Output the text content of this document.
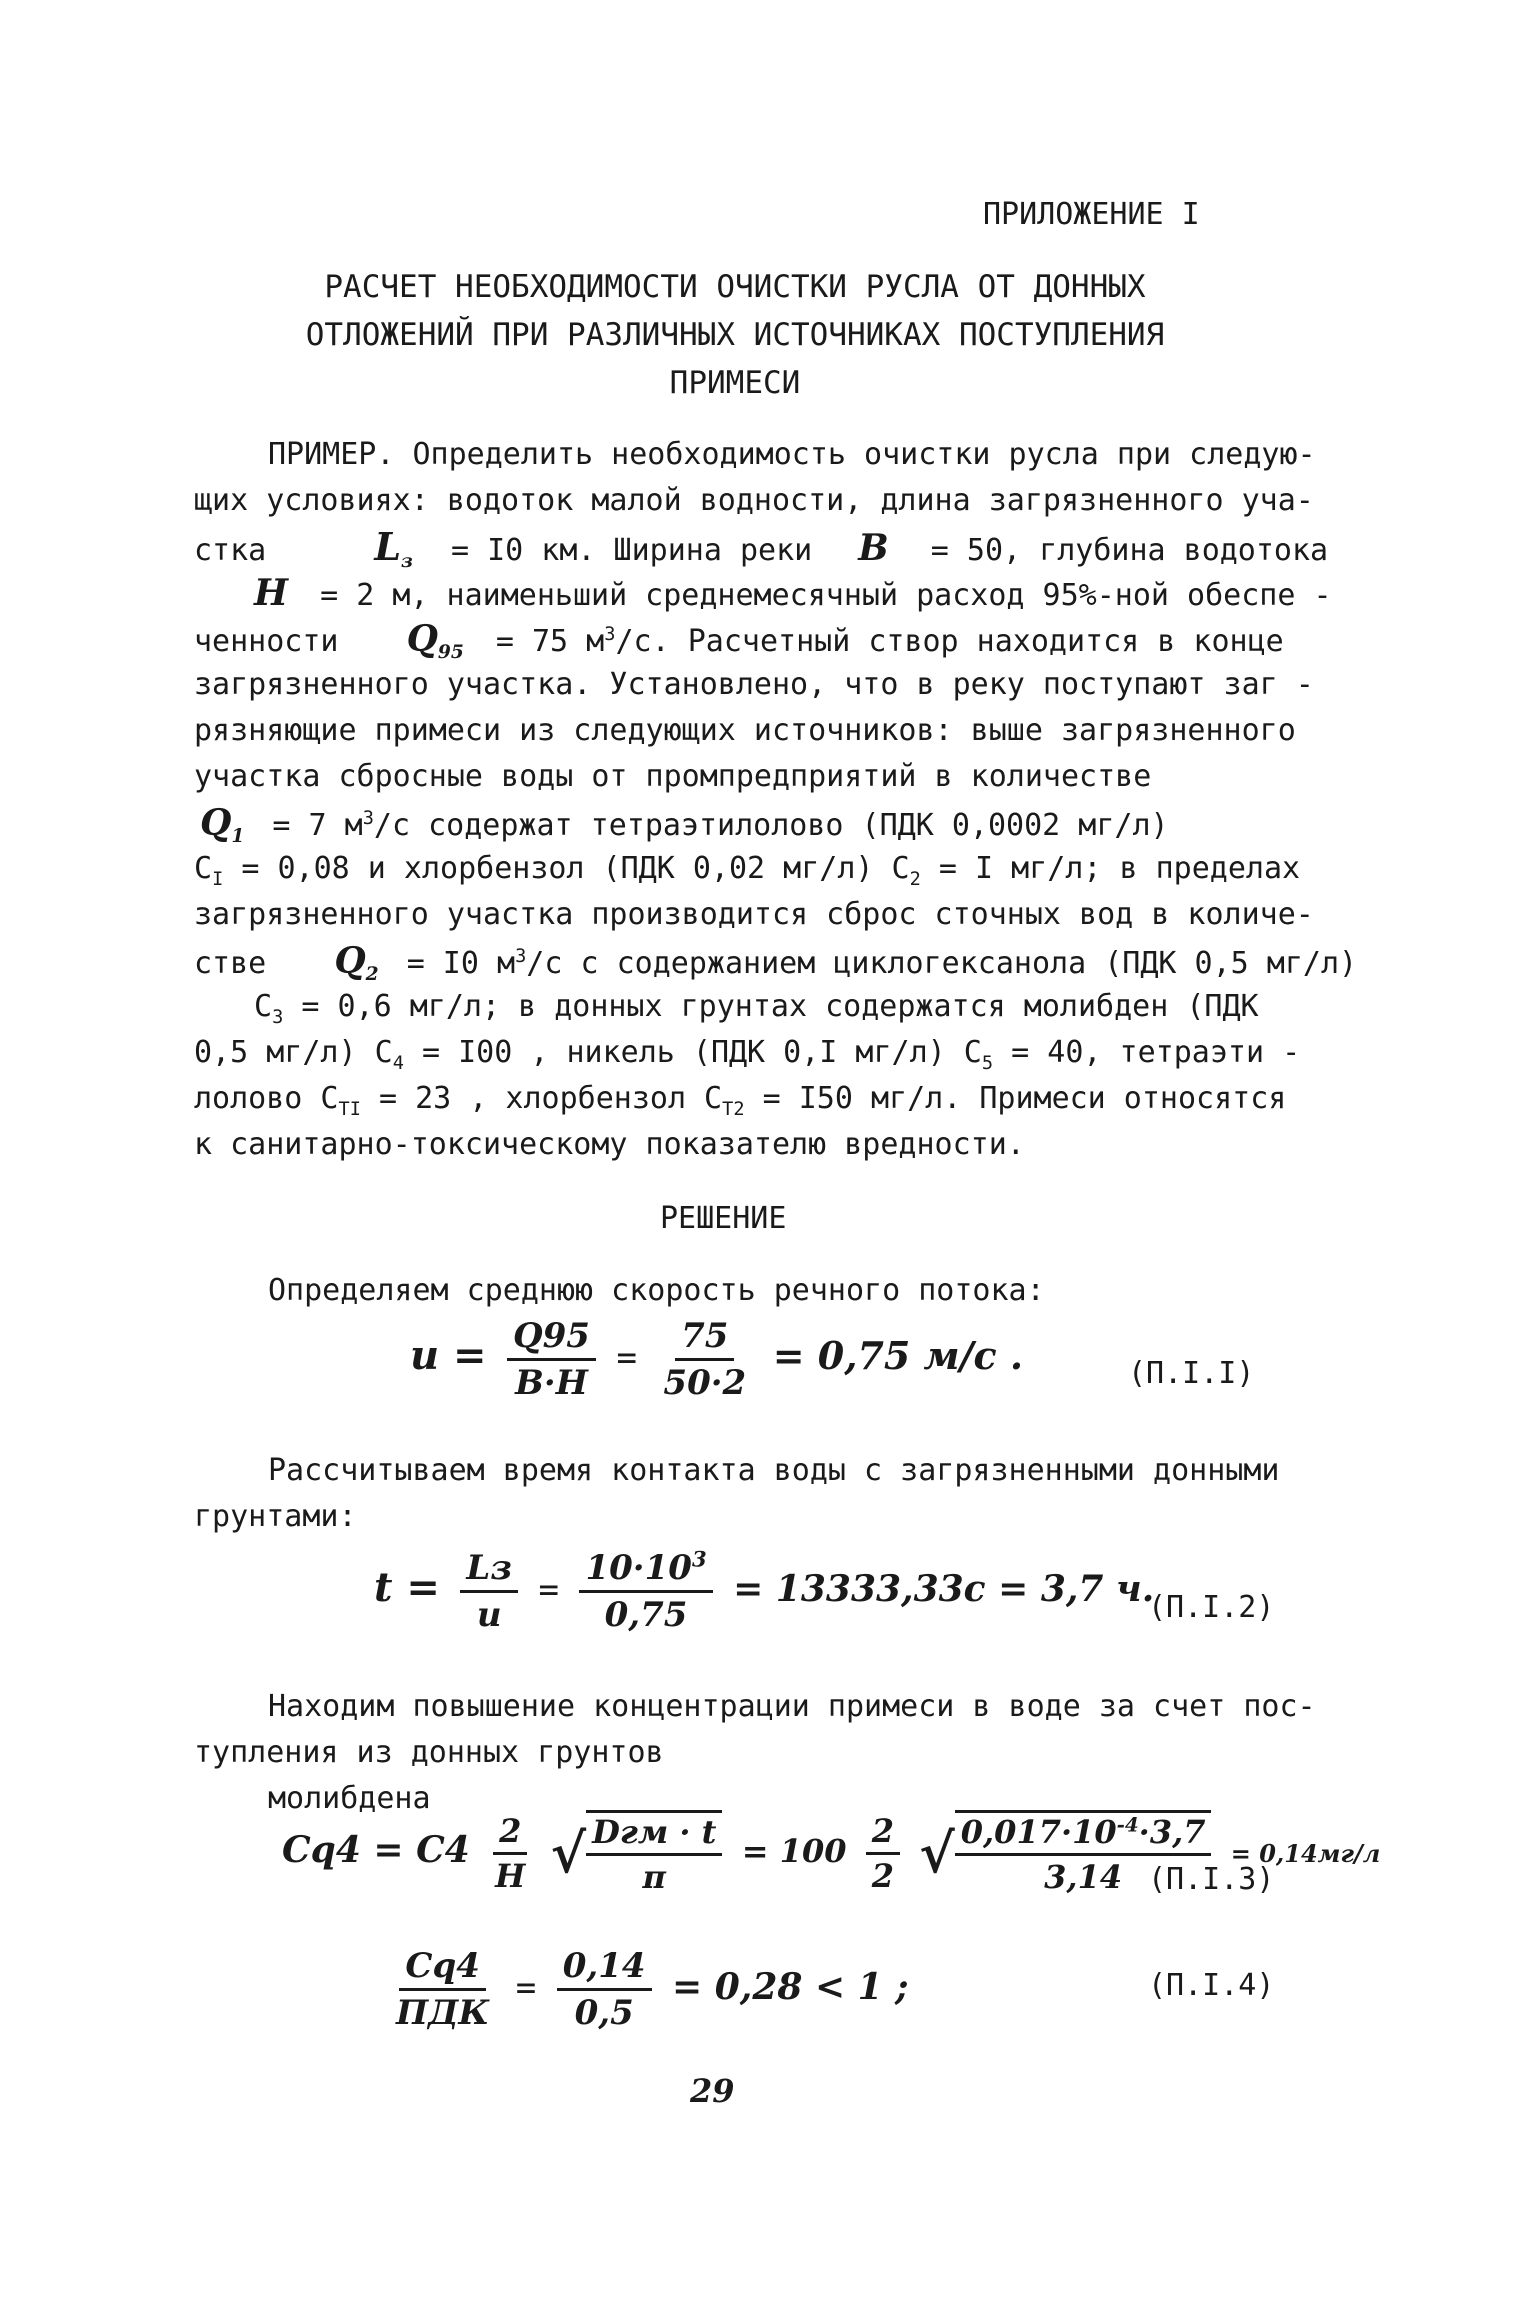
ПРИЛОЖЕНИЕ I
РАСЧЕТ НЕОБХОДИМОСТИ ОЧИСТКИ РУСЛА ОТ ДОННЫХ
ОТЛОЖЕНИЙ ПРИ РАЗЛИЧНЫХ ИСТОЧНИКАХ ПОСТУПЛЕНИЯ
ПРИМЕСИ
ПРИМЕР. Определить необходимость очистки русла при следую-
щих условиях: водоток малой водности, длина загрязненного уча-
стка	$L_з = I0$ км. Ширина реки B = 50, глубина водотока
H = 2 м, наименьший среднемесячный расход 95%-ной обеспе -
ченности $Q_{95} = 75$ $м^3/с$. Расчетный створ находится в конце
загрязненного участка. Установлено, что в реку поступают заг -
рязняющие примеси из следующих источников: выше загрязненного
участка сбросные воды от промпредприятий в количестве
$Q_1 = 7$ $м^3/с$ содержат тетраэтилолово (ПДК 0,0002 мг/л)
$С_I = 0,08$ и хлорбензол (ПДК 0,02 мг/л) $С_2 = I$ мг/л; в пределах
загрязненного участка производится сброс сточных вод в количе-
стве $Q_2 = I0$ $м^3/с$ с содержанием циклогексанола (ПДК 0,5 мг/л)
$С_3 = 0,6$ мг/л; в донных грунтах содержатся молибден (ПДК
0,5 мг/л) $С_4 = I00$ , никель (ПДК 0,I мг/л) $С_5 = 40$, тетраэти -
лолово $С_{TI} = 23$ , хлорбензол $С_{T2} = I50$ мг/л. Примеси относятся
к санитарно-токсическому показателю вредности.
РЕШЕНИЕ
Определяем среднюю скорость речного потока:
$u = \frac{Q95}{B\cdot H} = \frac{75}{50\cdot 2} = 0,75$ м/с .	(П.I.I)
Рассчитываем время контакта воды с загрязненными донными
грунтами:
$t = \frac{Lз}{u} = \frac{10\cdot 10^3}{0,75} = 13333,33с = 3,7$ ч.
(П.I.2)
Находим повышение концентрации примеси в воде за счет пос-
тупления из донных грунтов
молибдена
$Сq4 = С4 \frac{2}{H}$ √ $\frac{\text{Dгм · t}}{\pi} = 100 \frac{2}{2}$ √ $\frac{0,017\cdot 10^{-4}\cdot 3,7}{3,14} = 0,14мг/л$
(П.I.3)
$\frac{Сq4}{\text{ПДК}} = \frac{0,14}{0,5} = 0,28 < 1$ ;	(П.I.4)
29
